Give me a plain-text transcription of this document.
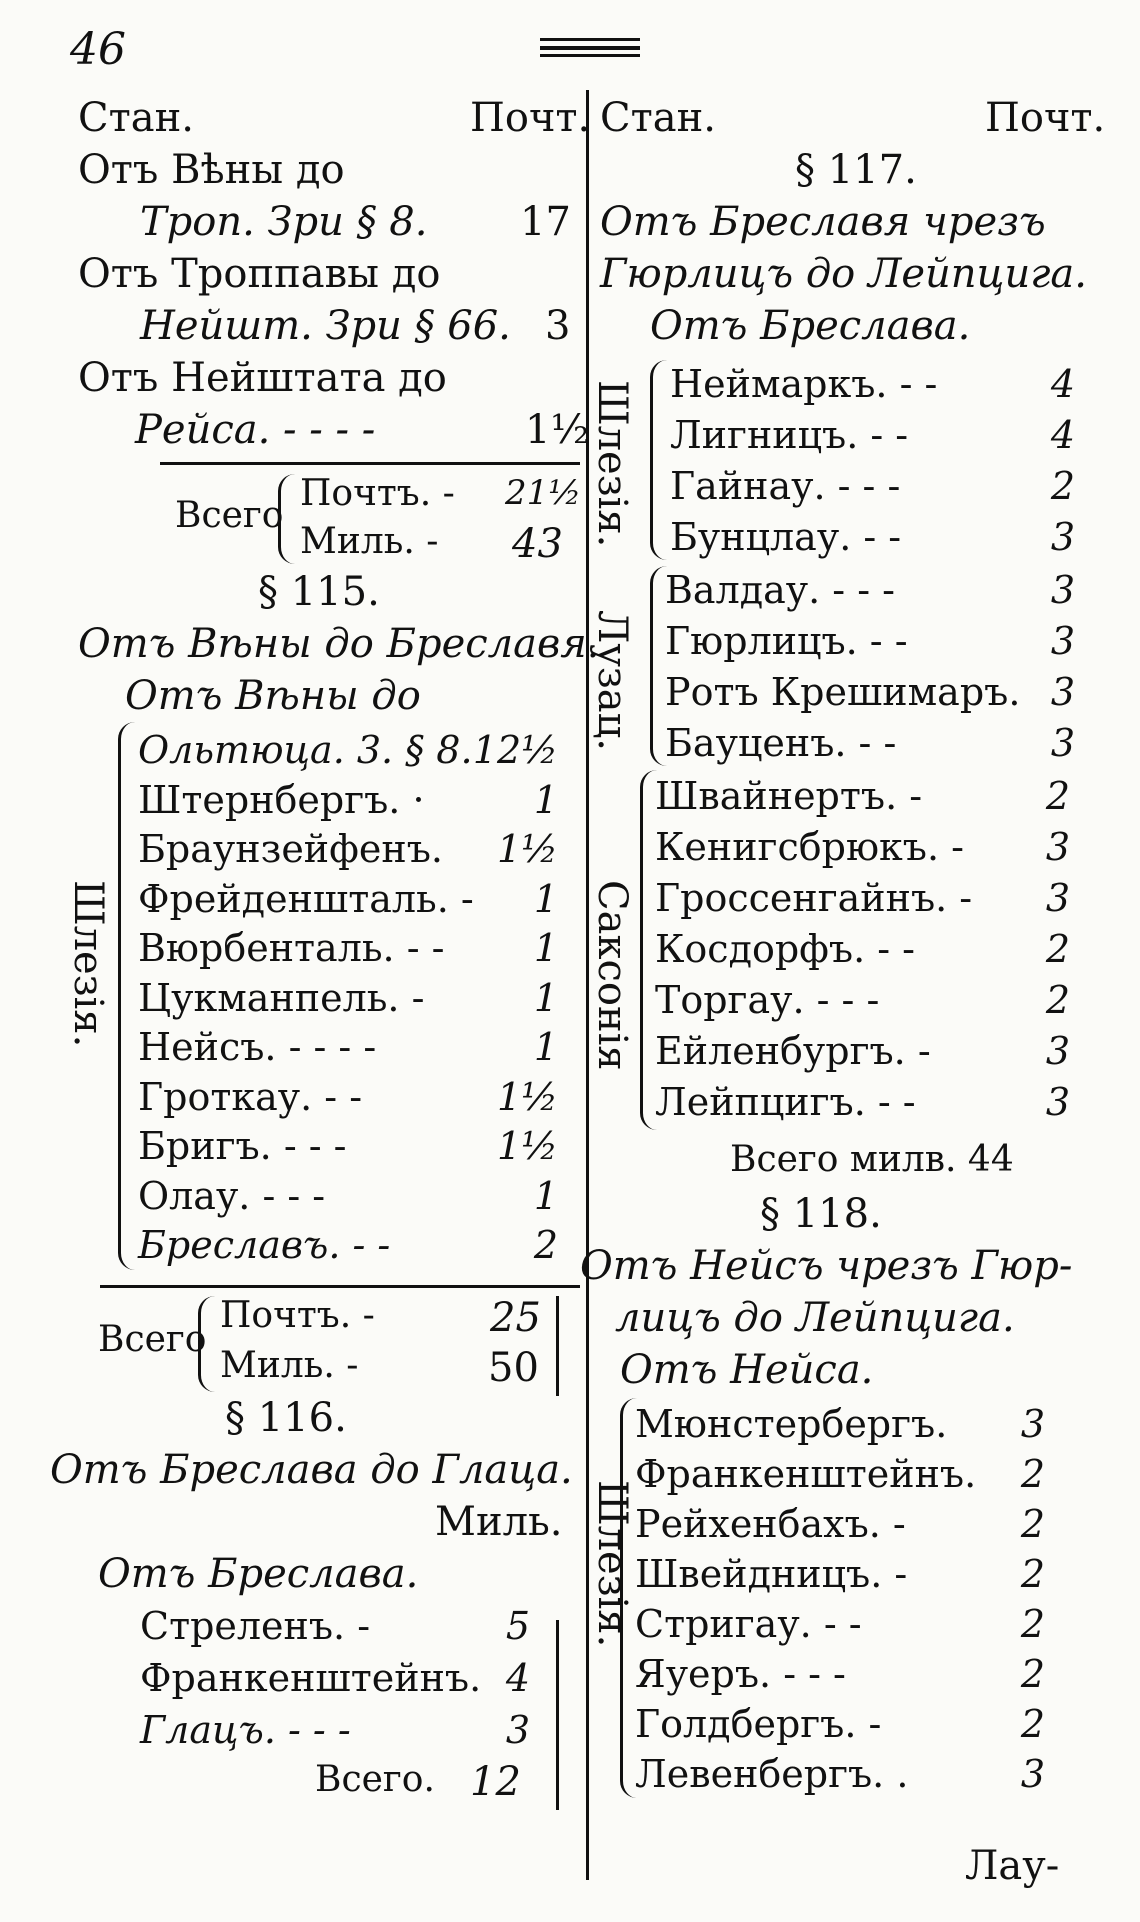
46
Стан.	Почт.
Отъ Вѣны до
Троп. Зри § 8. 17
Отъ Троппавы до
Нейшт. Зри § 66. 3
Отъ Нейштата до
Рейса. - - - -	1½
Всего
Почтъ. - 21½
Миль. - 43
§ 115.
Отъ Вѣны до Бреславя.
Отъ Вѣны до
Шлезія.
Ольтюца. 3. § 8. 12½
Штернбергъ. ·	1
Браунзейфенъ. 1½
Фрейденшталь. - 1
Вюрбенталь. - - 1
Цукманпель. -	1
Нейсъ. - - - -	1
Гроткау. - -	1½
Бригъ. - - -	1½
Олау. - - -	1
Бреславъ. - -	2
Всего
Почтъ. -	25
Миль. -	50
§ 116.
Отъ Бреслава до Глаца.
Миль.
Отъ Бреслава.
Стреленъ. -	5
Франкенштейнъ. 4
Глацъ. - - -	3
Всего. 12
Стан.	Почт.
§ 117.
Отъ Бреславя чрезъ
Гюрлицъ до Лейпцига.
Отъ Бреслава.
Шлезія. Неймаркъ. - -	4
Лигницъ. - -	4
Гайнау. - - -	2
Бунцлау. - -	3
Лузац.
Валдау. - - -	3
Гюрлицъ. - -	3
Ротъ Крешимаръ. 3
Бауценъ. - -	3
Саксонія
Швайнертъ. -	2
Кенигсбрюкъ. - 3
Гроссенгайнъ. - 3
Косдорфъ. - -	2
Торгау. - - -	2
Ейленбургъ. -	3
Лейпцигъ. - -	3
Всего милв. 44
§ 118.
Отъ Нейсъ чрезъ Гюр-
лицъ до Лейпцига.
Отъ Нейса.
Шлезія.
Мюнстербергъ. 3
Франкенштейнъ. 2
Рейхенбахъ. -	2
Швейдницъ. -	2
Стригау. - -	2
Яуеръ. - - -	2
Голдбергъ. -	2
Левенбергъ. .	3
Лау-
